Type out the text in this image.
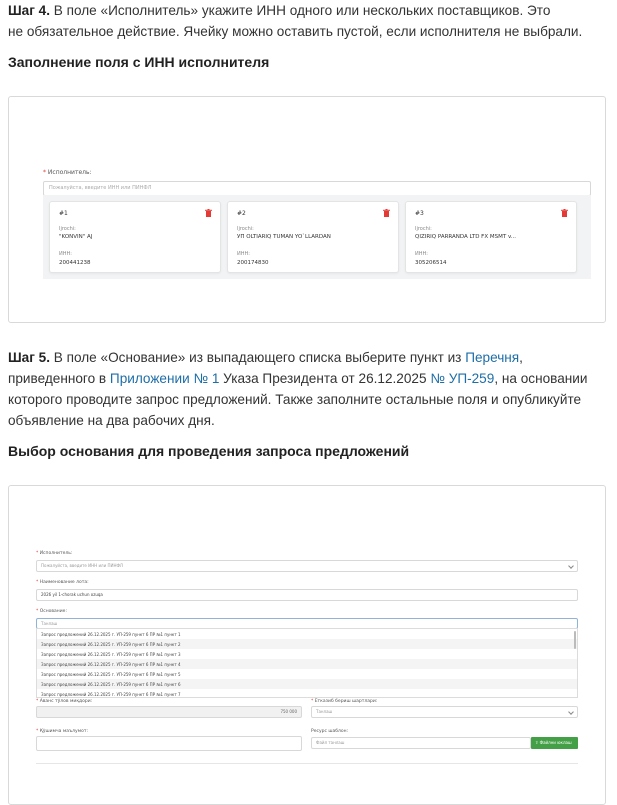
Шаг 4. В поле «Исполнитель» укажите ИНН одного или нескольких поставщиков. Это
не обязательное действие. Ячейку можно оставить пустой, если исполнителя не выбрали.
Заполнение поля с ИНН исполнителя
* Исполнитель:
Пожалуйста, введите ИНН или ПИНФЛ
#1
Ijrochi:
"KONVIN" AJ
ИНН:
200441238
#2
Ijrochi:
УП OLTIARIQ TUMAN YO`LLARDAN
ИНН:
200174830
#3
Ijrochi:
QIZIRIQ PARRANDA LTD FX MSMT v...
ИНН:
305206514
Шаг 5. В поле «Основание» из выпадающего списка выберите пункт из Перечня,
приведенного в Приложении № 1 Указа Президента от 26.12.2025 № УП-259, на основании
которого проводите запрос предложений. Также заполните остальные поля и опубликуйте
объявление на два рабочих дня.
Выбор основания для проведения запроса предложений
* Исполнитель:
Пожалуйста, введите ИНН или ПИНФЛ
* Наименование лота:
2026 yil 1-chorak uchun ozuqa
* Основание:
Танлаш
Запрос предложений 26.12.2025 г. УП-259 пункт 6 ПР №1 пункт 1
Запрос предложений 26.12.2025 г. УП-259 пункт 6 ПР №1 пункт 2
Запрос предложений 26.12.2025 г. УП-259 пункт 6 ПР №1 пункт 3
Запрос предложений 26.12.2025 г. УП-259 пункт 6 ПР №1 пункт 4
Запрос предложений 26.12.2025 г. УП-259 пункт 6 ПР №1 пункт 5
Запрос предложений 26.12.2025 г. УП-259 пункт 6 ПР №1 пункт 6
Запрос предложений 26.12.2025 г. УП-259 пункт 6 ПР №1 пункт 7
* Аванс тўлов миқдори:
750 000
* Етказиб бериш шартлари:
Танлаш
* Қўшимча маълумот:	Ресурс шаблон:
Файл танлаш	⇪ Файлни юклаш
